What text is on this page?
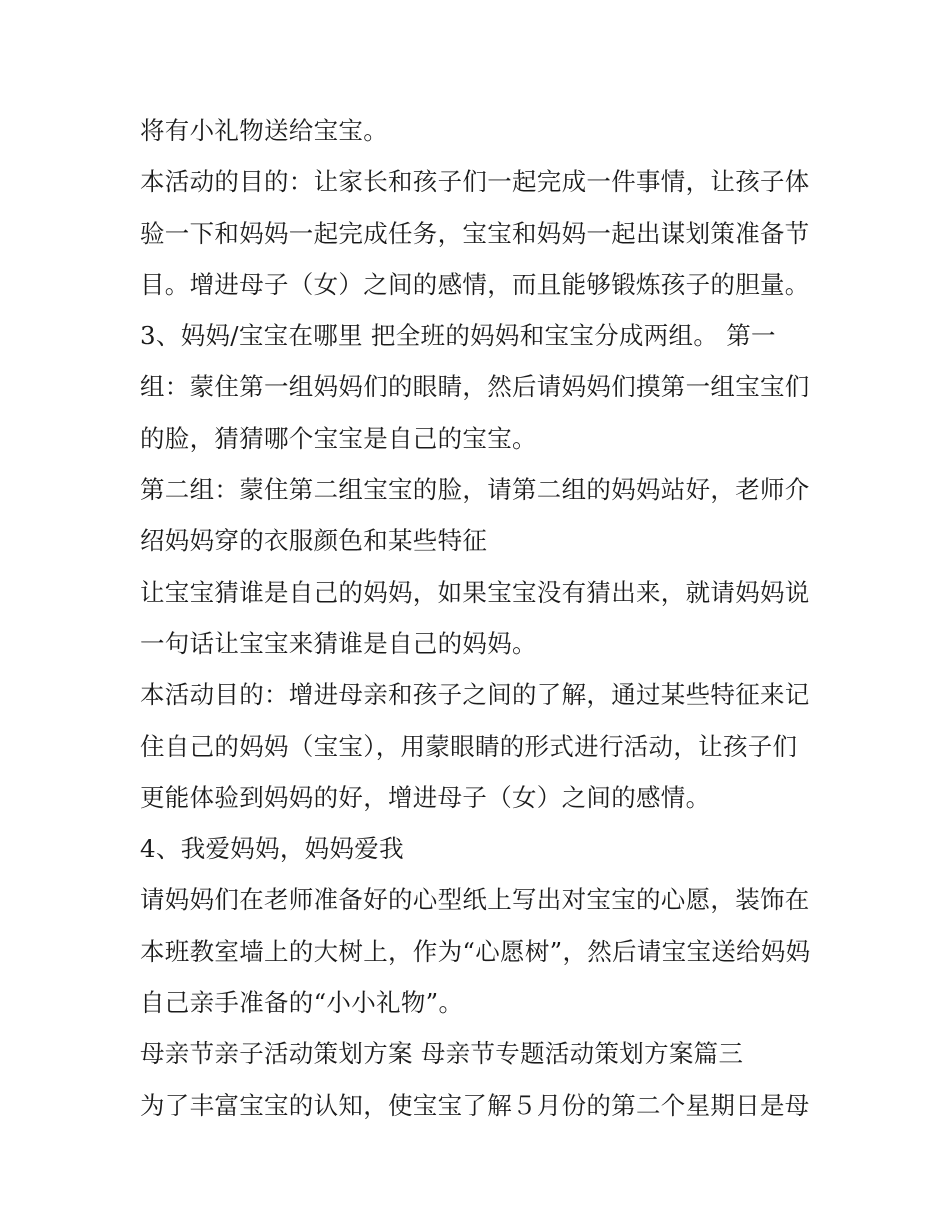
将有小礼物送给宝宝。
本活动的目的：让家长和孩子们一起完成一件事情，让孩子体
验一下和妈妈一起完成任务，宝宝和妈妈一起出谋划策准备节
目。增进母子（女）之间的感情，而且能够锻炼孩子的胆量。
3、妈妈/宝宝在哪里 把全班的妈妈和宝宝分成两组。 第一
组：蒙住第一组妈妈们的眼睛，然后请妈妈们摸第一组宝宝们
的脸，猜猜哪个宝宝是自己的宝宝。
第二组：蒙住第二组宝宝的脸，请第二组的妈妈站好，老师介
绍妈妈穿的衣服颜色和某些特征
让宝宝猜谁是自己的妈妈，如果宝宝没有猜出来，就请妈妈说
一句话让宝宝来猜谁是自己的妈妈。
本活动目的：增进母亲和孩子之间的了解，通过某些特征来记
住自己的妈妈（宝宝），用蒙眼睛的形式进行活动，让孩子们
更能体验到妈妈的好，增进母子（女）之间的感情。
4、我爱妈妈，妈妈爱我
请妈妈们在老师准备好的心型纸上写出对宝宝的心愿，装饰在
本班教室墙上的大树上，作为“心愿树”，然后请宝宝送给妈妈
自己亲手准备的“小小礼物”。
母亲节亲子活动策划方案 母亲节专题活动策划方案篇三
为了丰富宝宝的认知，使宝宝了解５月份的第二个星期日是母
